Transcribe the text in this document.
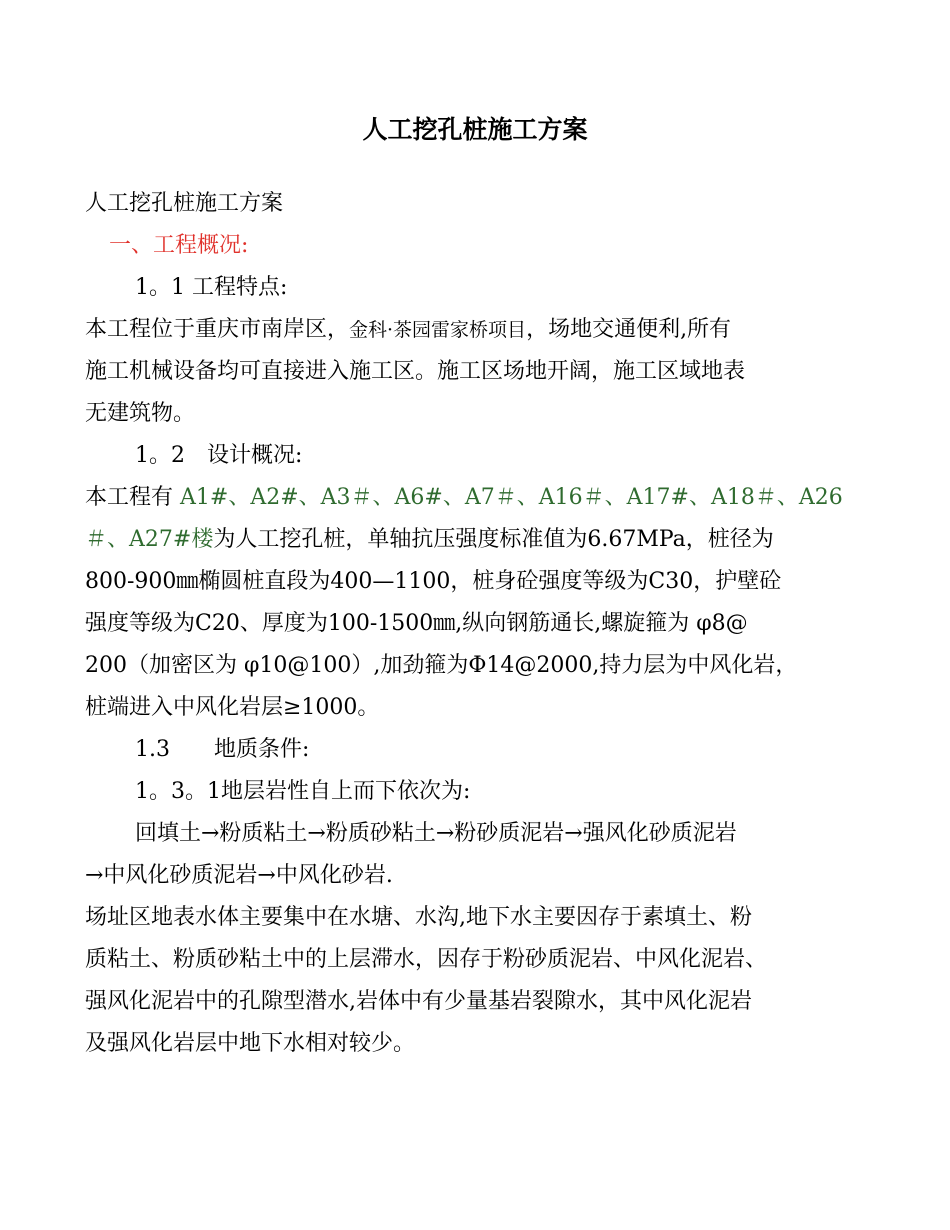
人工挖孔桩施工方案

人工挖孔桩施工方案

一、工程概况:

1。1 工程特点:

本工程位于重庆市南岸区，金科·茶园雷家桥项目，场地交通便利,所有

施工机械设备均可直接进入施工区。施工区场地开阔，施工区域地表

无建筑物。

1。2　设计概况:

本工程有 A1#、A2#、A3＃、A6#、A7＃、A16＃、A17#、A18＃、A26

＃、A27#楼为人工挖孔桩，单轴抗压强度标准值为6.67MPa，桩径为

800-900㎜椭圆桩直段为400—1100，桩身砼强度等级为C30，护壁砼

强度等级为C20、厚度为100-1500㎜,纵向钢筋通长,螺旋箍为 φ8@

200（加密区为 φ10@100）,加劲箍为Φ14@2000,持力层为中风化岩，

桩端进入中风化岩层≥1000。

1.3　　地质条件:

1。3。1地层岩性自上而下依次为:

回填土→粉质粘土→粉质砂粘土→粉砂质泥岩→强风化砂质泥岩

→中风化砂质泥岩→中风化砂岩.

场址区地表水体主要集中在水塘、水沟,地下水主要因存于素填土、粉

质粘土、粉质砂粘土中的上层滞水，因存于粉砂质泥岩、中风化泥岩、

强风化泥岩中的孔隙型潜水,岩体中有少量基岩裂隙水，其中风化泥岩

及强风化岩层中地下水相对较少。
